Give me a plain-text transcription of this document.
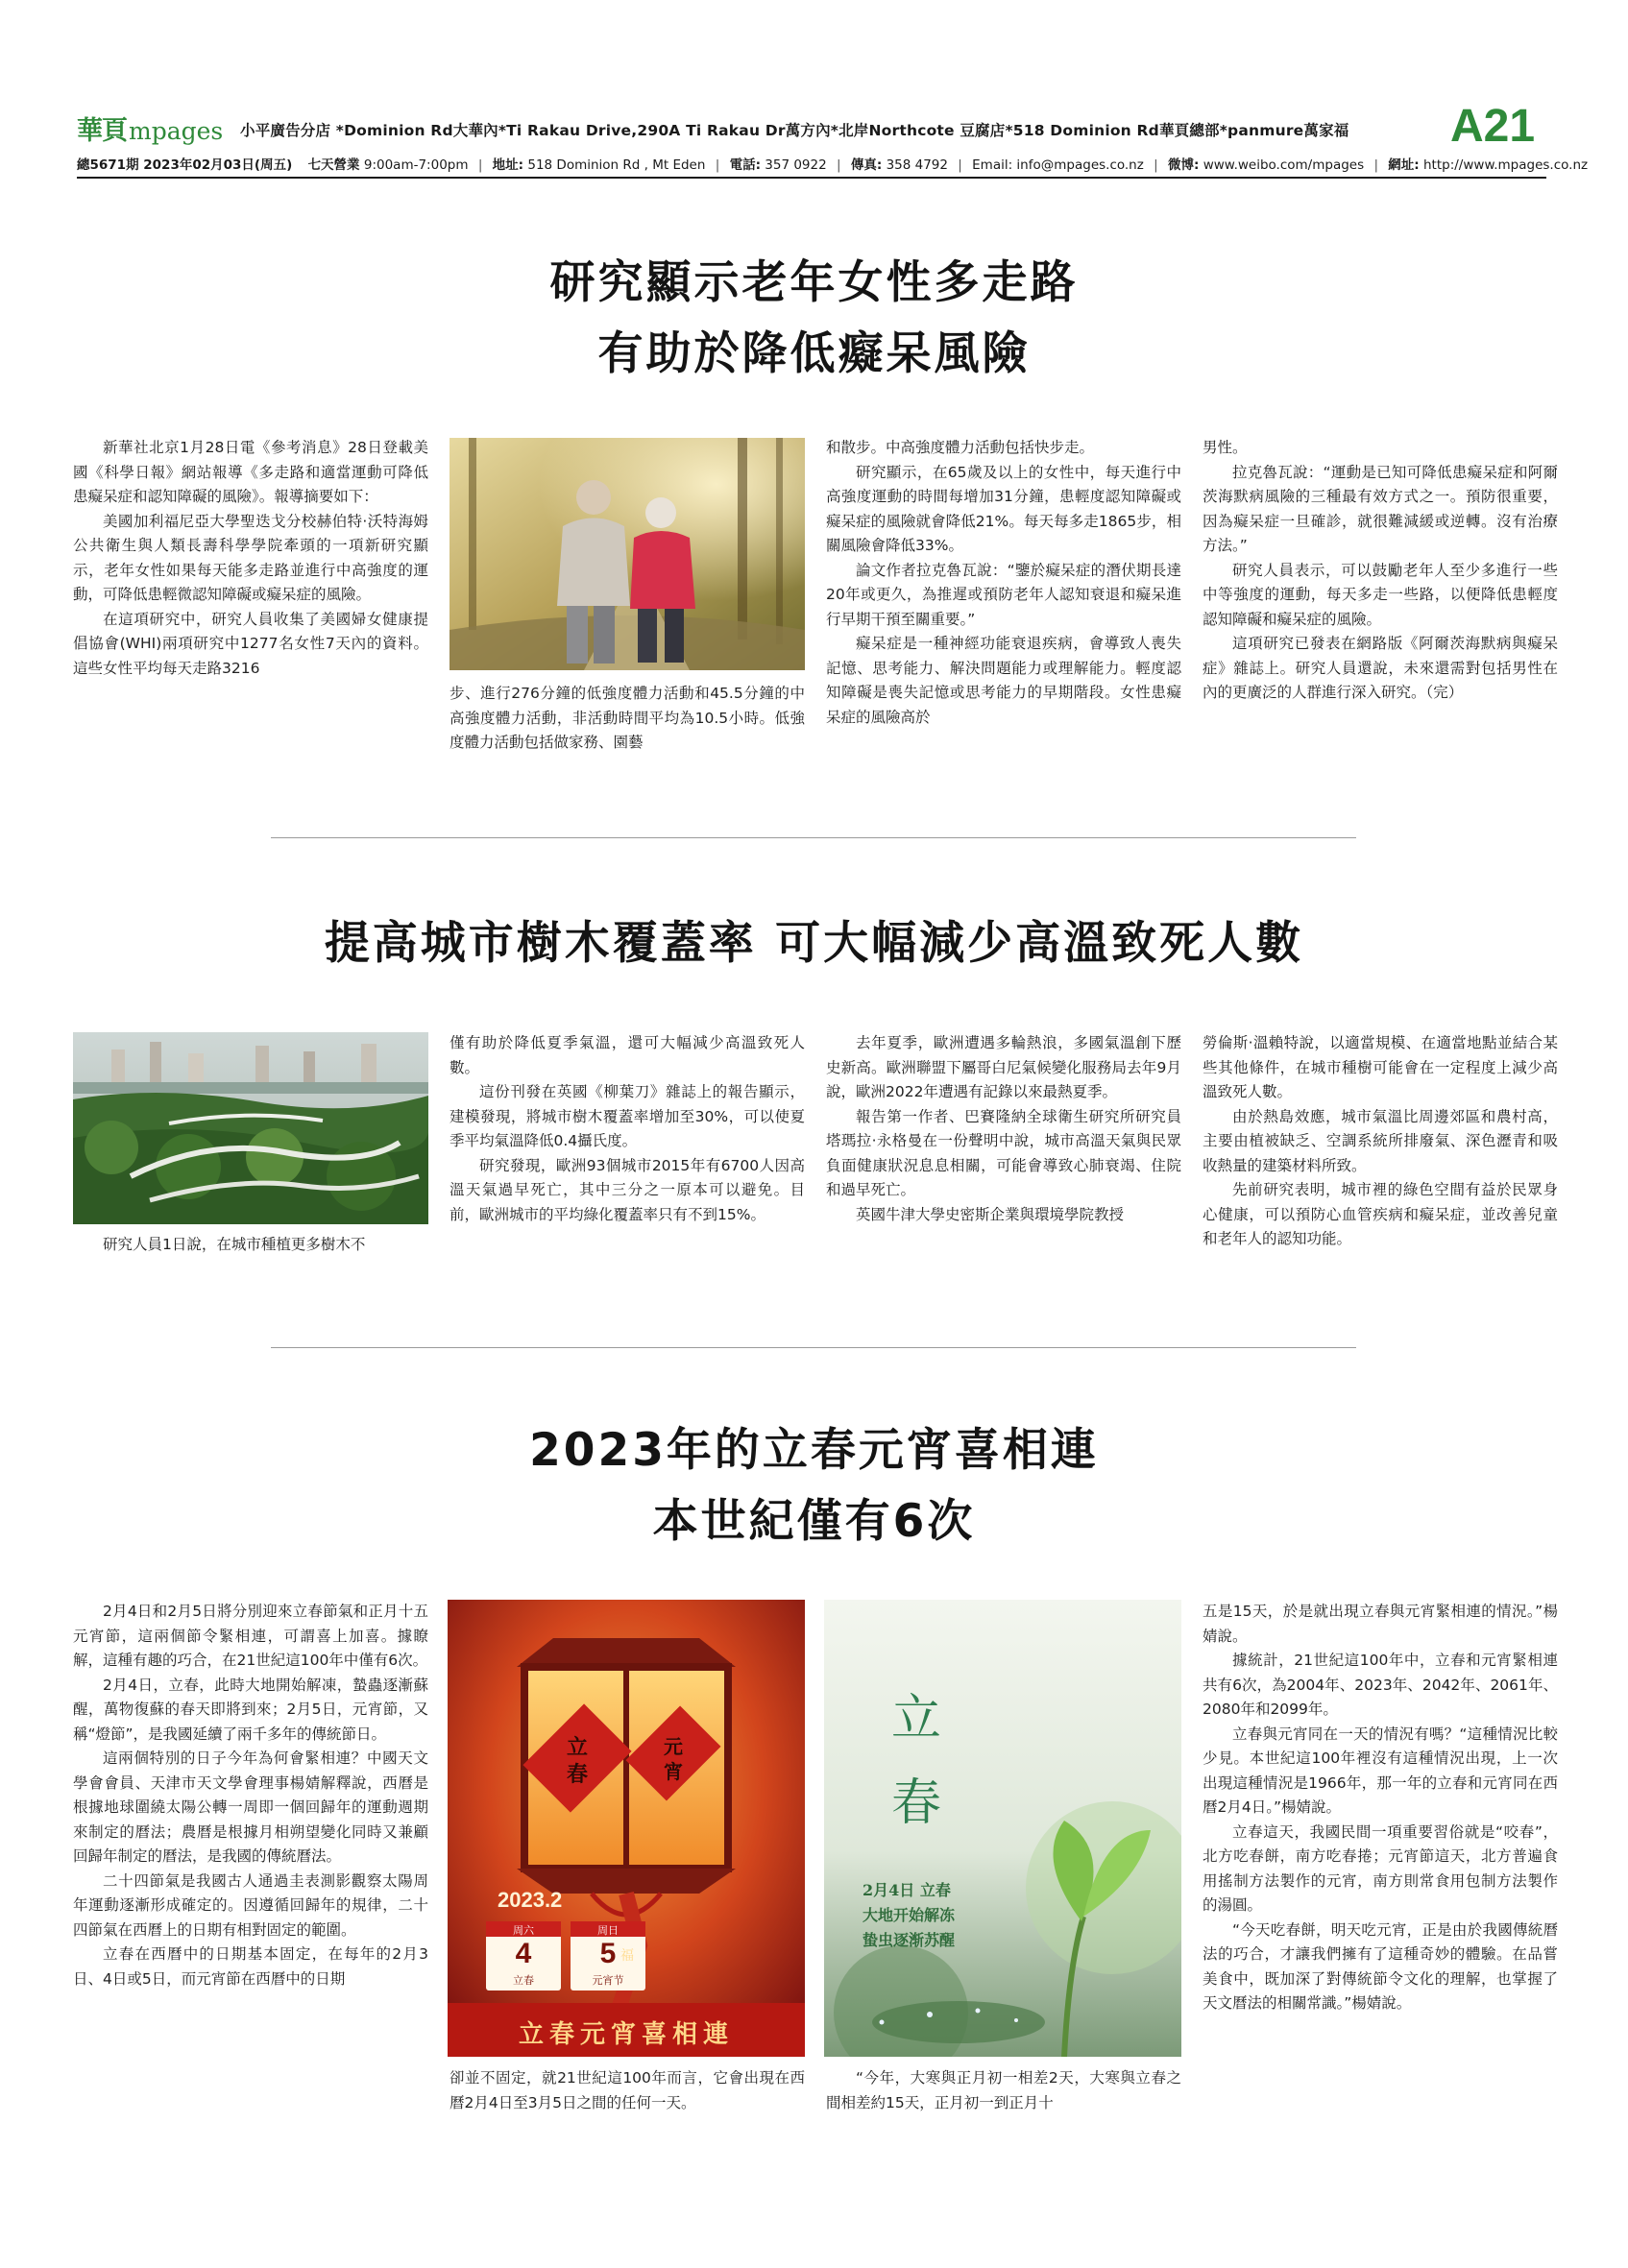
華頁mpages	小平廣告分店 *Dominion Rd大華內*Ti Rakau Drive,290A Ti Rakau Dr萬方內*北岸Northcote 豆腐店*518 Dominion Rd華頁總部*panmure萬家福 A21
總5671期 2023年02月03日(周五) 七天營業 9:00am-7:00pm | 地址: 518 Dominion Rd , Mt Eden | 電話: 357 0922 | 傳真: 358 4792 | Email: info@mpages.co.nz | 微博: www.weibo.com/mpages | 網址: http://www.mpages.co.nz
研究顯示老年女性多走路
有助於降低癡呆風險

新華社北京1月28日電《參考消息》28日登載美國《科學日報》網站報導《多走路和適當運動可降低患癡呆症和認知障礙的風險》。報導摘要如下：

美國加利福尼亞大學聖迭戈分校赫伯特·沃特海姆公共衛生與人類長壽科學學院牽頭的一項新研究顯示，老年女性如果每天能多走路並進行中高強度的運動，可降低患輕微認知障礙或癡呆症的風險。

在這項研究中，研究人員收集了美國婦女健康提倡協會(WHI)兩項研究中1277名女性7天內的資料。這些女性平均每天走路3216

步、進行276分鐘的低強度體力活動和45.5分鐘的中高強度體力活動，非活動時間平均為10.5小時。低強度體力活動包括做家務、園藝

和散步。中高強度體力活動包括快步走。

研究顯示，在65歲及以上的女性中，每天進行中高強度運動的時間每增加31分鐘，患輕度認知障礙或癡呆症的風險就會降低21%。每天每多走1865步，相關風險會降低33%。

論文作者拉克魯瓦說：“鑒於癡呆症的潛伏期長達20年或更久，為推遲或預防老年人認知衰退和癡呆進行早期干預至關重要。”

癡呆症是一種神經功能衰退疾病，會導致人喪失記憶、思考能力、解決問題能力或理解能力。輕度認知障礙是喪失記憶或思考能力的早期階段。女性患癡呆症的風險高於

男性。

拉克魯瓦說：“運動是已知可降低患癡呆症和阿爾茨海默病風險的三種最有效方式之一。預防很重要，因為癡呆症一旦確診，就很難減緩或逆轉。沒有治療方法。”

研究人員表示，可以鼓勵老年人至少多進行一些中等強度的運動，每天多走一些路，以便降低患輕度認知障礙和癡呆症的風險。

這項研究已發表在網路版《阿爾茨海默病與癡呆症》雜誌上。研究人員還說，未來還需對包括男性在內的更廣泛的人群進行深入研究。（完）

提高城市樹木覆蓋率 可大幅減少高溫致死人數

研究人員1日說，在城市種植更多樹木不

僅有助於降低夏季氣溫，還可大幅減少高溫致死人數。

這份刊發在英國《柳葉刀》雜誌上的報告顯示，建模發現，將城市樹木覆蓋率增加至30%，可以使夏季平均氣溫降低0.4攝氏度。

研究發現，歐洲93個城市2015年有6700人因高溫天氣過早死亡，其中三分之一原本可以避免。目前，歐洲城市的平均綠化覆蓋率只有不到15%。

去年夏季，歐洲遭遇多輪熱浪，多國氣溫創下歷史新高。歐洲聯盟下屬哥白尼氣候變化服務局去年9月說，歐洲2022年遭遇有記錄以來最熱夏季。

報告第一作者、巴賽隆納全球衛生研究所研究員塔瑪拉·永格曼在一份聲明中說，城市高溫天氣與民眾負面健康狀況息息相關，可能會導致心肺衰竭、住院和過早死亡。

英國牛津大學史密斯企業與環境學院教授

勞倫斯·溫賴特說，以適當規模、在適當地點並結合某些其他條件，在城市種樹可能會在一定程度上減少高溫致死人數。

由於熱島效應，城市氣溫比周邊郊區和農村高，主要由植被缺乏、空調系統所排廢氣、深色瀝青和吸收熱量的建築材料所致。

先前研究表明，城市裡的綠色空間有益於民眾身心健康，可以預防心血管疾病和癡呆症，並改善兒童和老年人的認知功能。

2023年的立春元宵喜相連
本世紀僅有6次

2月4日和2月5日將分別迎來立春節氣和正月十五元宵節，這兩個節令緊相連，可謂喜上加喜。據瞭解，這種有趣的巧合，在21世紀這100年中僅有6次。

2月4日，立春，此時大地開始解凍，蟄蟲逐漸蘇醒，萬物復蘇的春天即將到來；2月5日，元宵節，又稱“燈節”，是我國延續了兩千多年的傳統節日。

這兩個特別的日子今年為何會緊相連？中國天文學會會員、天津市天文學會理事楊婧解釋說，西曆是根據地球圍繞太陽公轉一周即一個回歸年的運動週期來制定的曆法；農曆是根據月相朔望變化同時又兼顧回歸年制定的曆法，是我國的傳統曆法。

二十四節氣是我國古人通過圭表測影觀察太陽周年運動逐漸形成確定的。因遵循回歸年的規律，二十四節氣在西曆上的日期有相對固定的範圍。

立春在西曆中的日期基本固定，在每年的2月3日、4日或5日，而元宵節在西曆中的日期

立
春
元
宵
福
2023.2
周六
4
立春
周日
5
元宵节
立春元宵喜相連
立
春
2月4日 立春
大地开始解冻
蛰虫逐渐苏醒

卻並不固定，就21世紀這100年而言，它會出現在西曆2月4日至3月5日之間的任何一天。

“今年，大寒與正月初一相差2天，大寒與立春之間相差約15天，正月初一到正月十

五是15天，於是就出現立春與元宵緊相連的情況。”楊婧說。

據統計，21世紀這100年中，立春和元宵緊相連共有6次，為2004年、2023年、2042年、2061年、2080年和2099年。

立春與元宵同在一天的情況有嗎？“這種情況比較少見。本世紀這100年裡沒有這種情況出現，上一次出現這種情況是1966年，那一年的立春和元宵同在西曆2月4日。”楊婧說。

立春這天，我國民間一項重要習俗就是“咬春”，北方吃春餅，南方吃春捲；元宵節這天，北方普遍食用搖制方法製作的元宵，南方則常食用包制方法製作的湯圓。

“今天吃春餅，明天吃元宵，正是由於我國傳統曆法的巧合，才讓我們擁有了這種奇妙的體驗。在品嘗美食中，既加深了對傳統節令文化的理解，也掌握了天文曆法的相關常識。”楊婧說。
